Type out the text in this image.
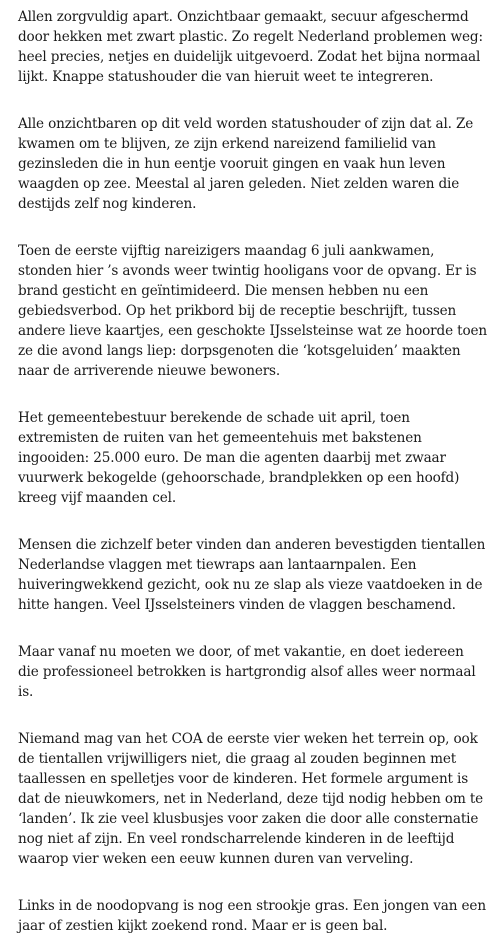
Allen zorgvuldig apart. Onzichtbaar gemaakt, secuur afgeschermd door hekken met zwart plastic. Zo regelt Nederland problemen weg: heel precies, netjes en duidelijk uitgevoerd. Zodat het bijna normaal lijkt. Knappe statushouder die van hieruit weet te integreren.

Alle onzichtbaren op dit veld worden statushouder of zijn dat al. Ze kwamen om te blijven, ze zijn erkend nareizend familielid van gezinsleden die in hun eentje vooruit gingen en vaak hun leven waagden op zee. Meestal al jaren geleden. Niet zelden waren die destijds zelf nog kinderen.

Toen de eerste vijftig nareizigers maandag 6 juli aankwamen, stonden hier ’s avonds weer twintig hooligans voor de opvang. Er is brand gesticht en geïntimideerd. Die mensen hebben nu een gebiedsverbod. Op het prikbord bij de receptie beschrijft, tussen andere lieve kaartjes, een geschokte IJsselsteinse wat ze hoorde toen ze die avond langs liep: dorpsgenoten die ‘kotsgeluiden’ maakten naar de arriverende nieuwe bewoners.

Het gemeentebestuur berekende de schade uit april, toen extremisten de ruiten van het gemeentehuis met bakstenen ingooiden: 25.000 euro. De man die agenten daarbij met zwaar vuurwerk bekogelde (gehoorschade, brandplekken op een hoofd) kreeg vijf maanden cel.

Mensen die zichzelf beter vinden dan anderen bevestigden tientallen Nederlandse vlaggen met tiewraps aan lantaarnpalen. Een huiveringwekkend gezicht, ook nu ze slap als vieze vaatdoeken in de hitte hangen. Veel IJsselsteiners vinden de vlaggen beschamend.

Maar vanaf nu moeten we door, of met vakantie, en doet iedereen die professioneel betrokken is hartgrondig alsof alles weer normaal is.

Niemand mag van het COA de eerste vier weken het terrein op, ook de tientallen vrijwilligers niet, die graag al zouden beginnen met taallessen en spelletjes voor de kinderen. Het formele argument is dat de nieuwkomers, net in Nederland, deze tijd nodig hebben om te ‘landen’. Ik zie veel klusbusjes voor zaken die door alle consternatie nog niet af zijn. En veel rondscharrelende kinderen in de leeftijd waarop vier weken een eeuw kunnen duren van verveling.

Links in de noodopvang is nog een strookje gras. Een jongen van een jaar of zestien kijkt zoekend rond. Maar er is geen bal.
